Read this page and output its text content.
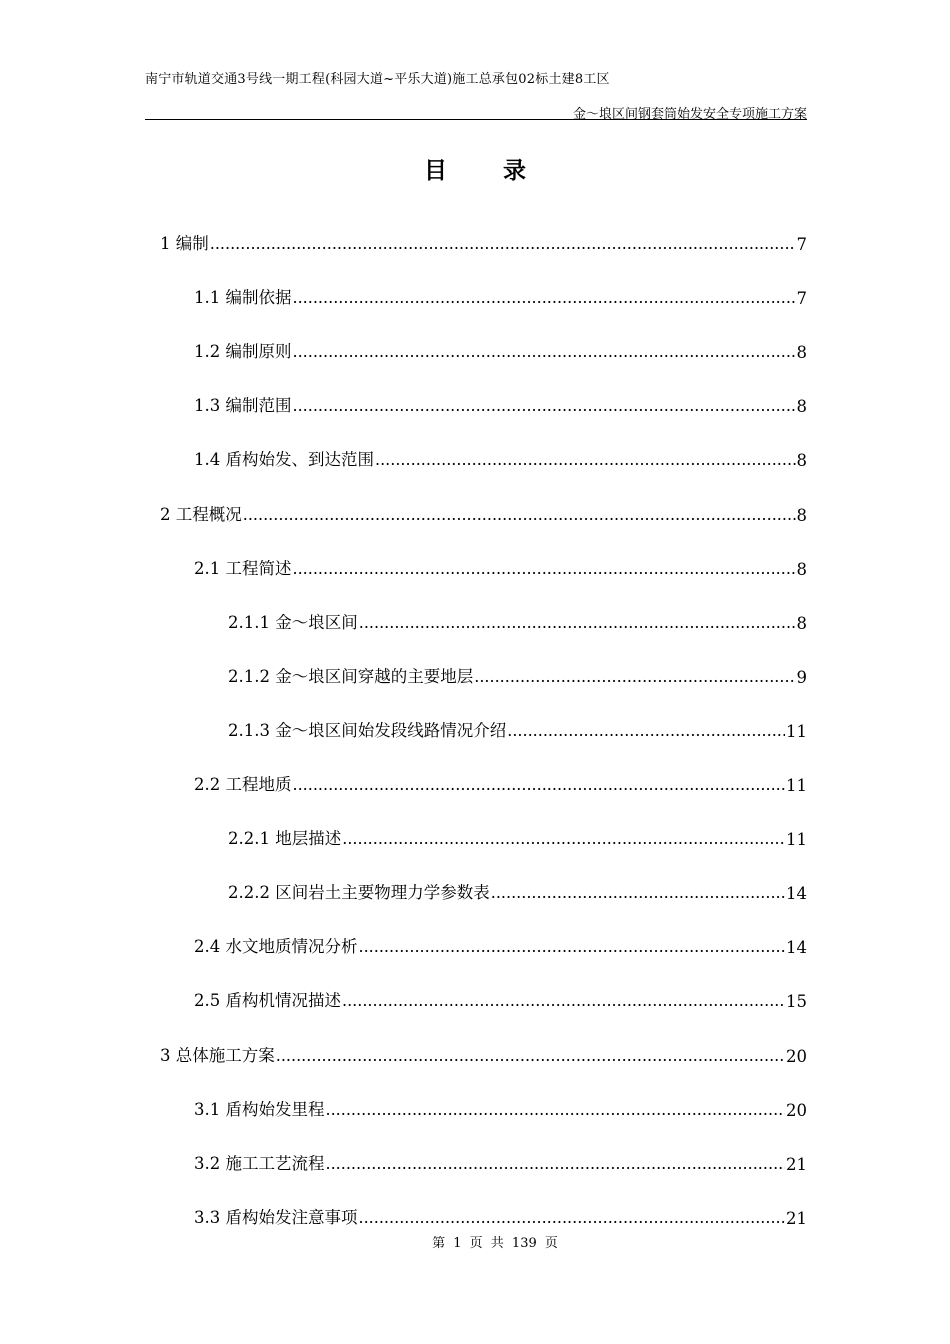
南宁市轨道交通3号线一期工程(科园大道~平乐大道)施工总承包02标土建8工区
金～埌区间钢套筒始发安全专项施工方案
目 录
1 编制 .....	7
1.1 编制依据 .....	7
1.2 编制原则 .....	8
1.3 编制范围 .....	8
1.4 盾构始发、到达范围 .....	8
2 工程概况 .....	8
2.1 工程简述 .....	8
2.1.1 金～埌区间 .....	8
2.1.2 金～埌区间穿越的主要地层 .....	9
2.1.3 金～埌区间始发段线路情况介绍 .....	11
2.2 工程地质 .....	11
2.2.1 地层描述 .....	11
2.2.2 区间岩土主要物理力学参数表 .....	14
2.4 水文地质情况分析 .....	14
2.5 盾构机情况描述 .....	15
3 总体施工方案 .....	20
3.1 盾构始发里程 .....	20
3.2 施工工艺流程 .....	21
3.3 盾构始发注意事项 .....	21
第 1 页 共 139 页
